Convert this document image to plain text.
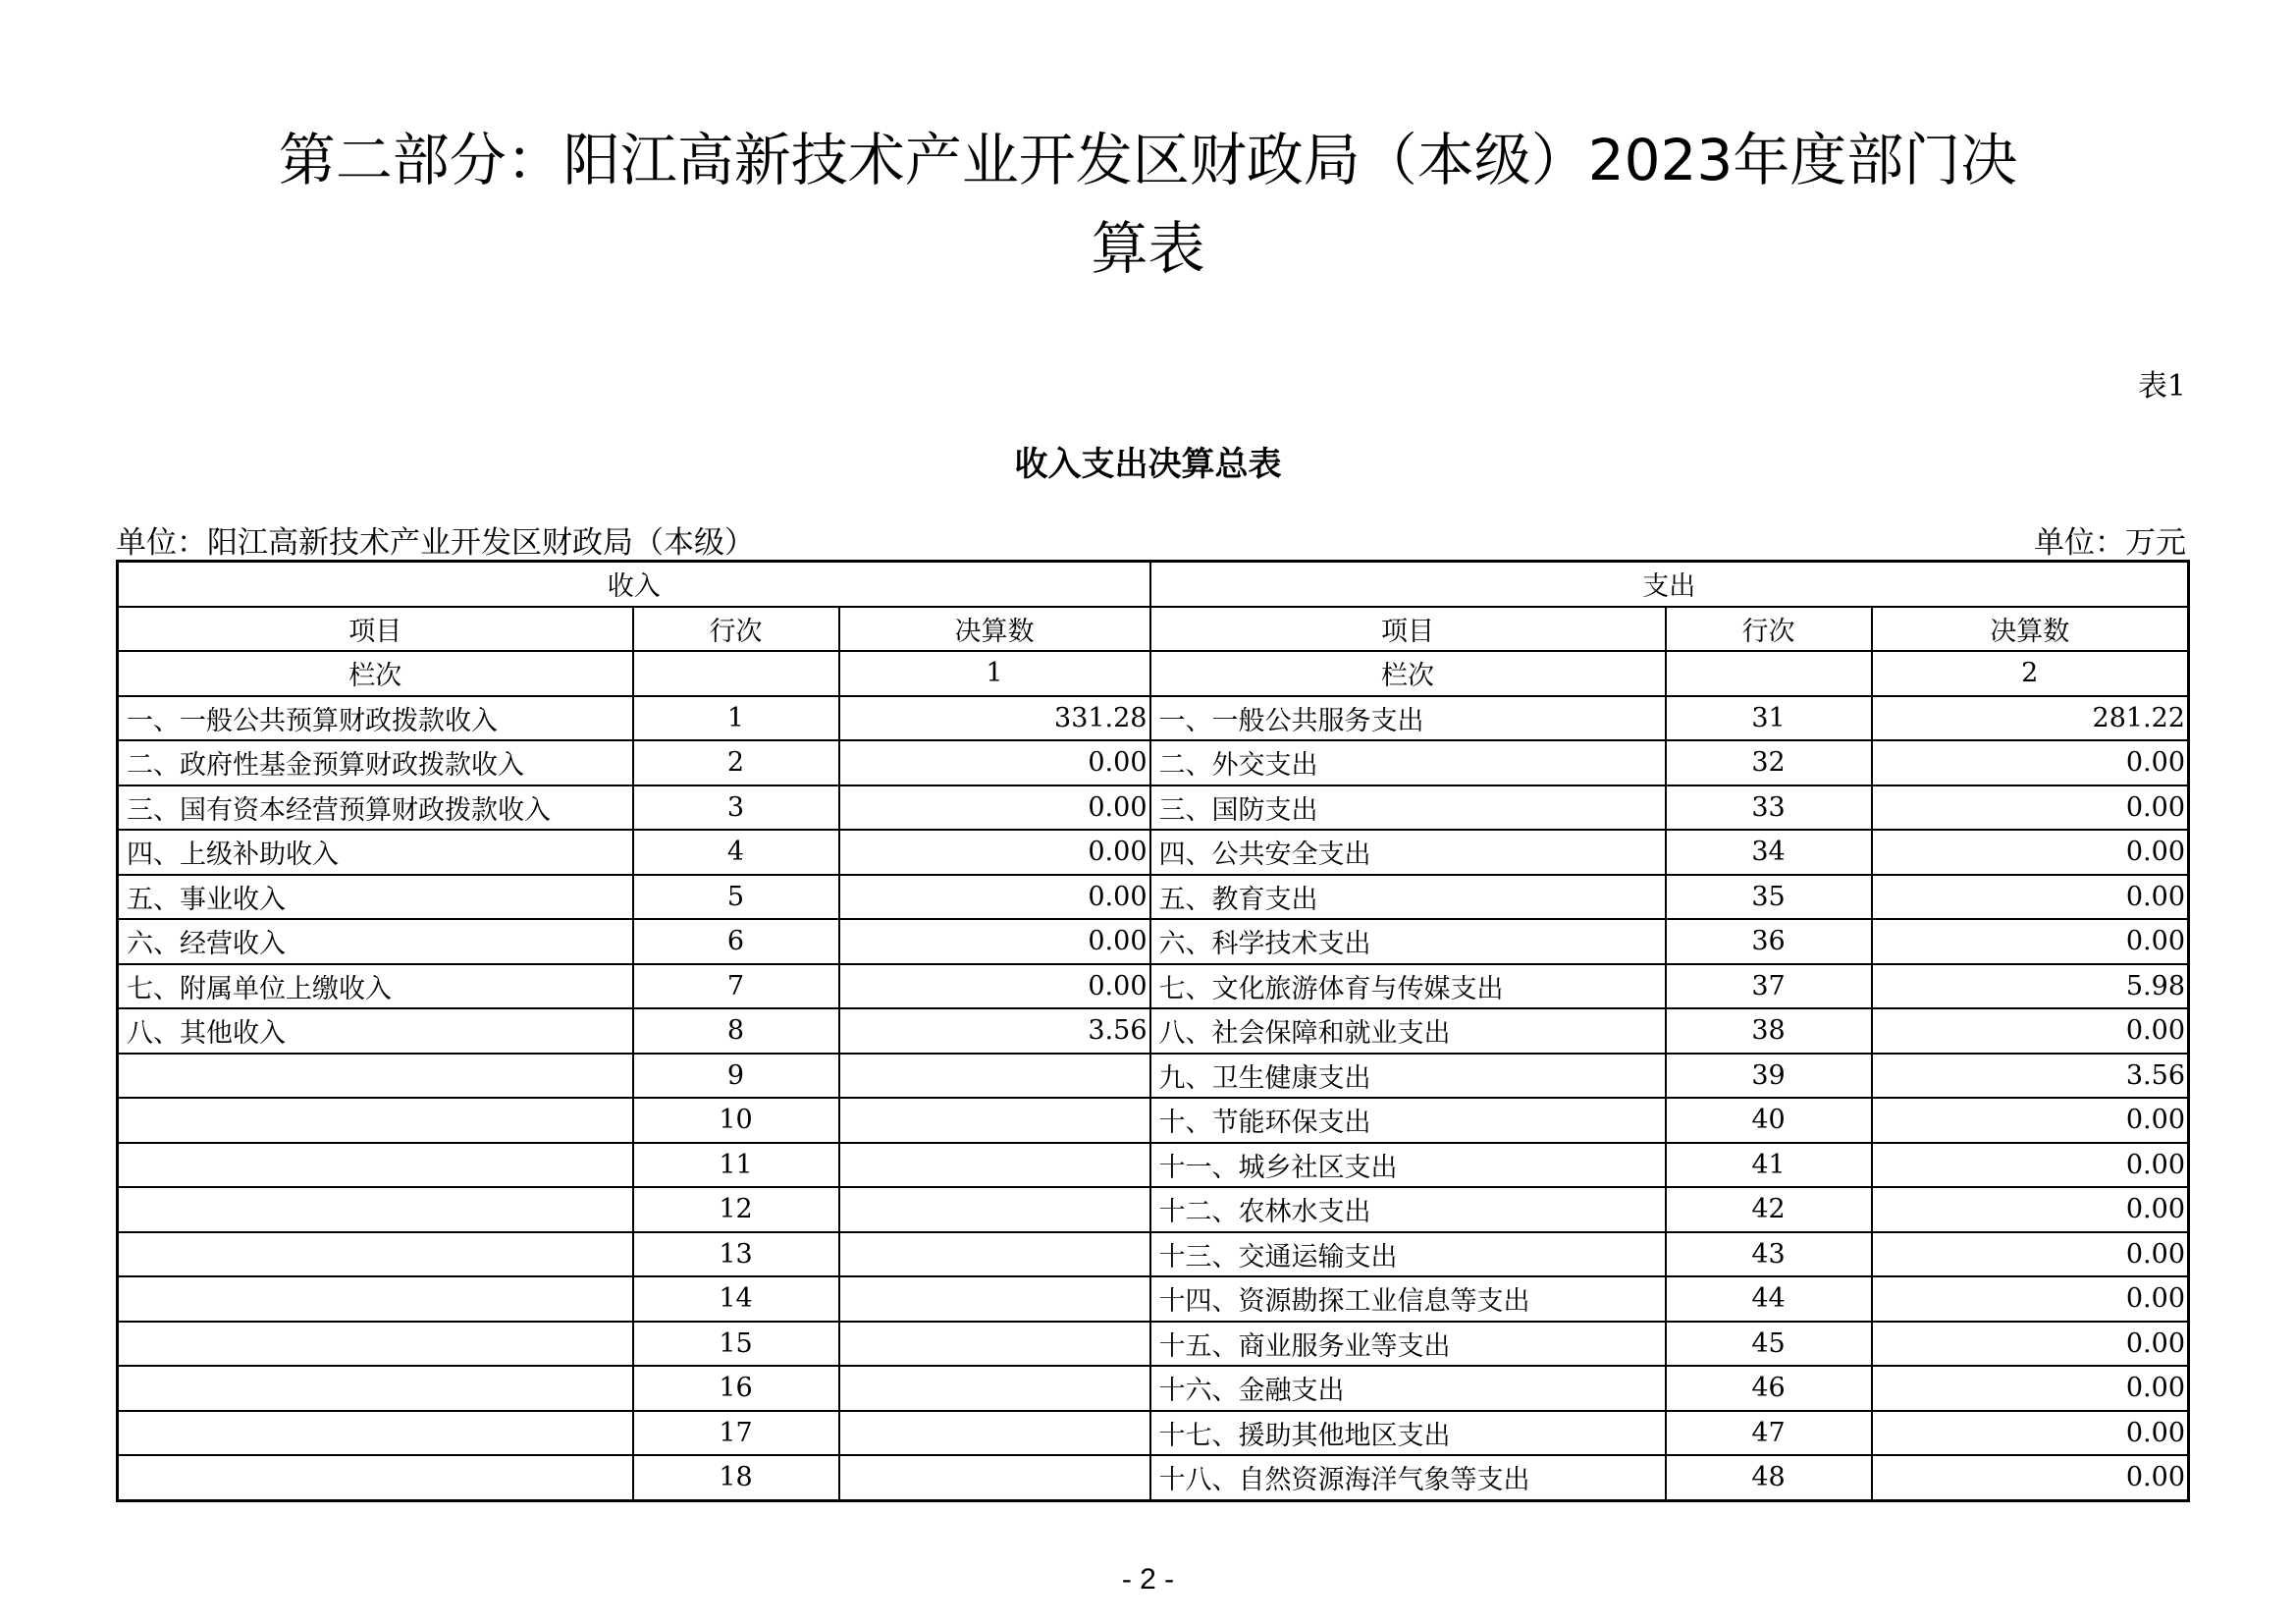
第二部分：阳江高新技术产业开发区财政局（本级）2023年度部门决
算表
表1
收入支出决算总表
单位：阳江高新技术产业开发区财政局（本级）	单位：万元
收入			支出		
项目	行次	决算数	项目	行次	决算数
栏次		1	栏次		2
一、一般公共预算财政拨款收入	1	331.28	一、一般公共服务支出	31	281.22
二、政府性基金预算财政拨款收入	2	0.00	二、外交支出	32	0.00
三、国有资本经营预算财政拨款收入	3	0.00	三、国防支出	33	0.00
四、上级补助收入	4	0.00	四、公共安全支出	34	0.00
五、事业收入	5	0.00	五、教育支出	35	0.00
六、经营收入	6	0.00	六、科学技术支出	36	0.00
七、附属单位上缴收入	7	0.00	七、文化旅游体育与传媒支出	37	5.98
八、其他收入	8	3.56	八、社会保障和就业支出	38	0.00
	9		九、卫生健康支出	39	3.56
	10		十、节能环保支出	40	0.00
	11		十一、城乡社区支出	41	0.00
	12		十二、农林水支出	42	0.00
	13		十三、交通运输支出	43	0.00
	14		十四、资源勘探工业信息等支出	44	0.00
	15		十五、商业服务业等支出	45	0.00
	16		十六、金融支出	46	0.00
	17		十七、援助其他地区支出	47	0.00
	18		十八、自然资源海洋气象等支出	48	0.00
- 2 -
